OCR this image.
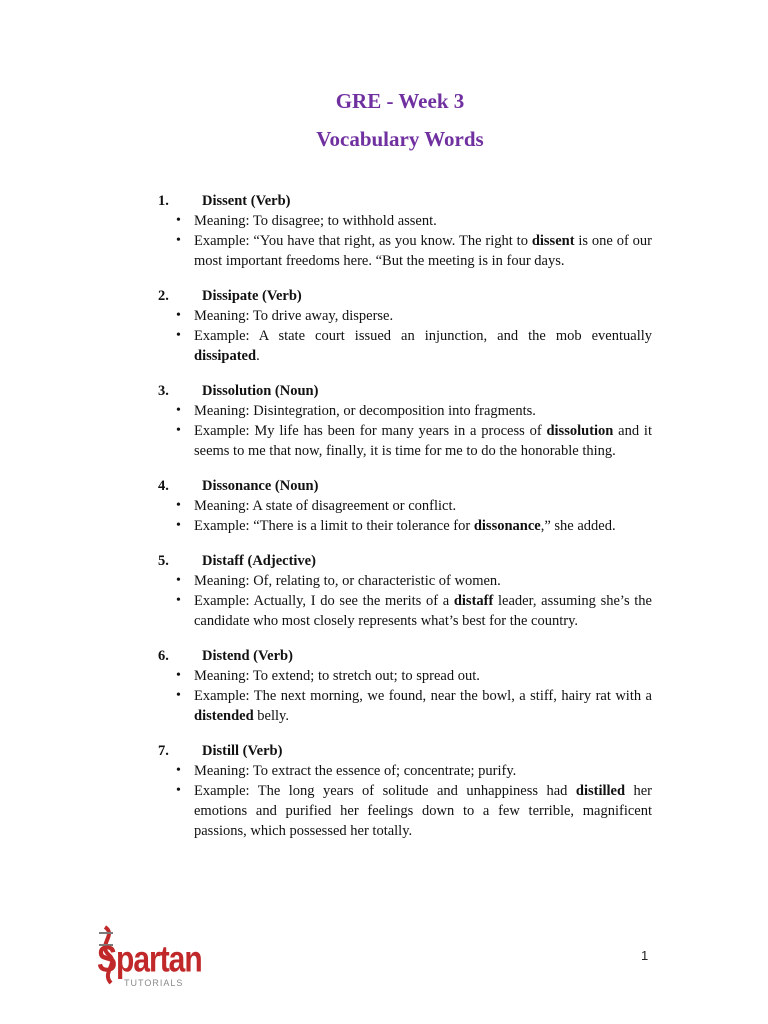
GRE - Week 3
Vocabulary Words
1.	Dissent (Verb)
• Meaning: To disagree; to withhold assent.
• Example: “You have that right, as you know. The right to dissent is one of our most important freedoms here. “But the meeting is in four days.
2.	Dissipate (Verb)
• Meaning: To drive away, disperse.
• Example: A state court issued an injunction, and the mob eventually dissipated.
3.	Dissolution (Noun)
• Meaning: Disintegration, or decomposition into fragments.
• Example: My life has been for many years in a process of dissolution and it seems to me that now, finally, it is time for me to do the honorable thing.
4.	Dissonance (Noun)
• Meaning: A state of disagreement or conflict.
• Example: “There is a limit to their tolerance for dissonance,” she added.
5.	Distaff (Adjective)
• Meaning: Of, relating to, or characteristic of women.
• Example: Actually, I do see the merits of a distaff leader, assuming she’s the candidate who most closely represents what’s best for the country.
6.	Distend (Verb)
• Meaning: To extend; to stretch out; to spread out.
• Example: The next morning, we found, near the bowl, a stiff, hairy rat with a distended belly.
7.	Distill (Verb)
• Meaning: To extract the essence of; concentrate; purify.
• Example: The long years of solitude and unhappiness had distilled her emotions and purified her feelings down to a few terrible, magnificent passions, which possessed her totally.
Spartan
TUTORIALS
1
